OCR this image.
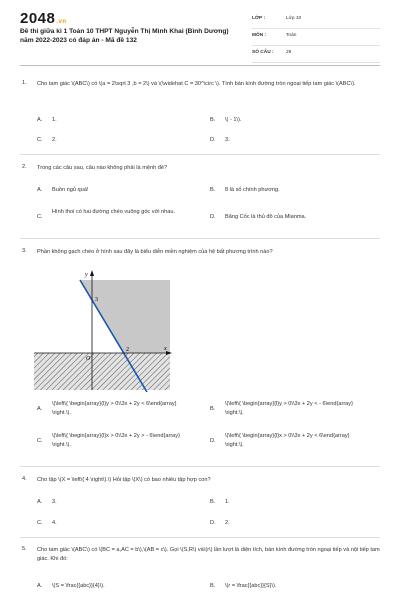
2048.vn
Đề thi giữa kì 1 Toán 10 THPT Nguyễn Thị Minh Khai (Bình Dương) năm 2022-2023 có đáp án - Mã đề 132
LỚP :	Lớp 10
MÔN :	Toán
SỐ CÂU :	29
1. Cho tam giác \(ABC\) có \(a = 2\sqrt 3 ,b = 2\) và \(\widehat C = 30^\circ \). Tính bán kính đường tròn ngoại tiếp tam giác \(ABC\).
A. 1.	B. \( - 1\).
C. 2.	D. 3.
2. Trong các câu sau, câu nào không phải là mệnh đề?
A. Buồn ngủ quá!	B. 8 là số chính phương.
C.
Hình thoi có hai đường chéo vuông góc với nhau.
D. Băng Cốc là thủ đô của Mianma.
3. Phần không gạch chéo ở hình sau đây là biểu diễn miền nghiệm của hệ bất phương trình nào?
y
x
O
3
2
A.
\(\left\{ \begin{array}{l}y > 0\\3x + 2y < 6\end{array} \right.\).
B.
\(\left\{ \begin{array}{l}y > 0\\3x + 2y < - 6\end{array} \right.\).
C.
\(\left\{ \begin{array}{l}x > 0\\3x + 2y > - 6\end{array} \right.\).
D.
\(\left\{ \begin{array}{l}x > 0\\3x + 2y < 6\end{array} \right.\).
4. Cho tập \(X = \left\{ 4 \right\}.\) Hỏi tập \(X\) có bao nhiêu tập hợp con?
A. 3.	B. 1.
C. 4.	D. 2.
5. Cho tam giác \(ABC\) có \(BC = a,AC = b\),\(AB = c\). Gọi \(S,R\) và\(r\) lần lượt là diện tích, bán kính đường tròn ngoại tiếp và nội tiếp tam giác. Khi đó:
A. \(S = \frac{{abc}}{4}\).	B. \(r = \frac{{abc}}{S}\).
